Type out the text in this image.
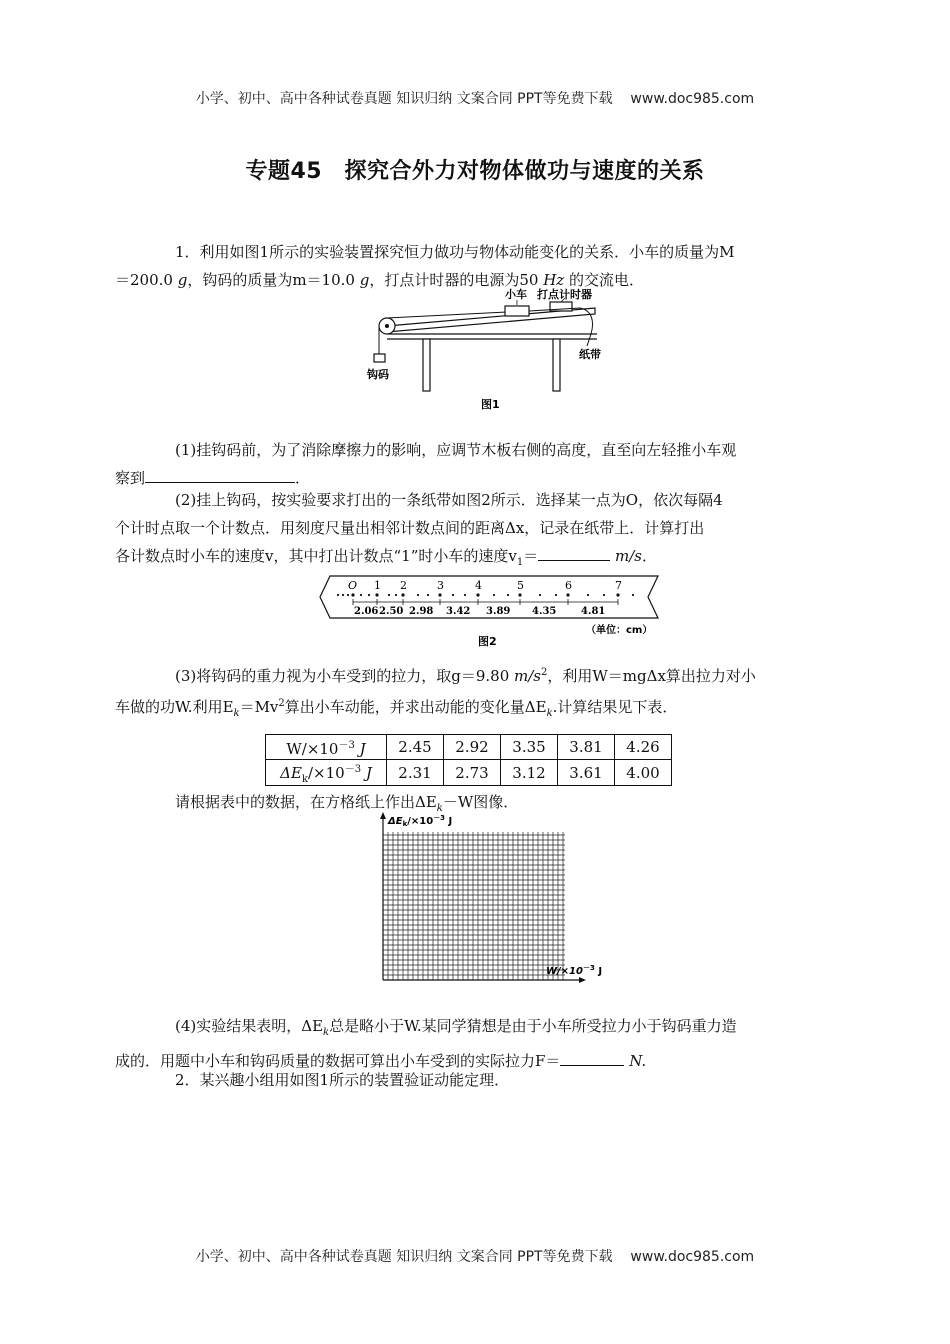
小学、初中、高中各种试卷真题 知识归纳 文案合同 PPT等免费下载 www.doc985.com
专题45　探究合外力对物体做功与速度的关系
1．利用如图1所示的实验装置探究恒力做功与物体动能变化的关系．小车的质量为M
＝200.0 g，钩码的质量为m＝10.0 g，打点计时器的电源为50 Hz 的交流电．
小车 打点计时器
钩码
纸带
图1
(1)挂钩码前，为了消除摩擦力的影响，应调节木板右侧的高度，直至向左轻推小车观
察到	．
(2)挂上钩码，按实验要求打出的一条纸带如图2所示．选择某一点为O，依次每隔4
个计时点取一个计数点．用刻度尺量出相邻计数点间的距离Δx，记录在纸带上．计算打出
各计数点时小车的速度v，其中打出计数点“1”时小车的速度$v_1=$	m/s．
O 1 2	3	4	5	6	7
2.06 2.50 2.98 3.42 3.89 4.35 4.81
（单位：cm）
图2
(3)将钩码的重力视为小车受到的拉力，取g＝9.80 $m/s^2$，利用W＝mgΔx算出拉力对小
车做的功W.利用$E_k=Mv^2$算出小车动能，并求出动能的变化量$\Delta E_k$.计算结果见下表．
$W/\times 10^{-3}$ J	2.45	2.92	3.35	3.81	4.26
$\Delta E_k/\times 10^{-3}$ J	2.31	2.73	3.12	3.61	4.00
请根据表中的数据，在方格纸上作出$\Delta E_k-W$图像．
$\Delta E_k/\times 10^{-3}$ J
$W/\times 10^{-3}$ J
(4)实验结果表明，$\Delta E_k$总是略小于W.某同学猜想是由于小车所受拉力小于钩码重力造
成的．用题中小车和钩码质量的数据可算出小车受到的实际拉力F＝	N.
2．某兴趣小组用如图1所示的装置验证动能定理．
小学、初中、高中各种试卷真题 知识归纳 文案合同 PPT等免费下载 www.doc985.com
